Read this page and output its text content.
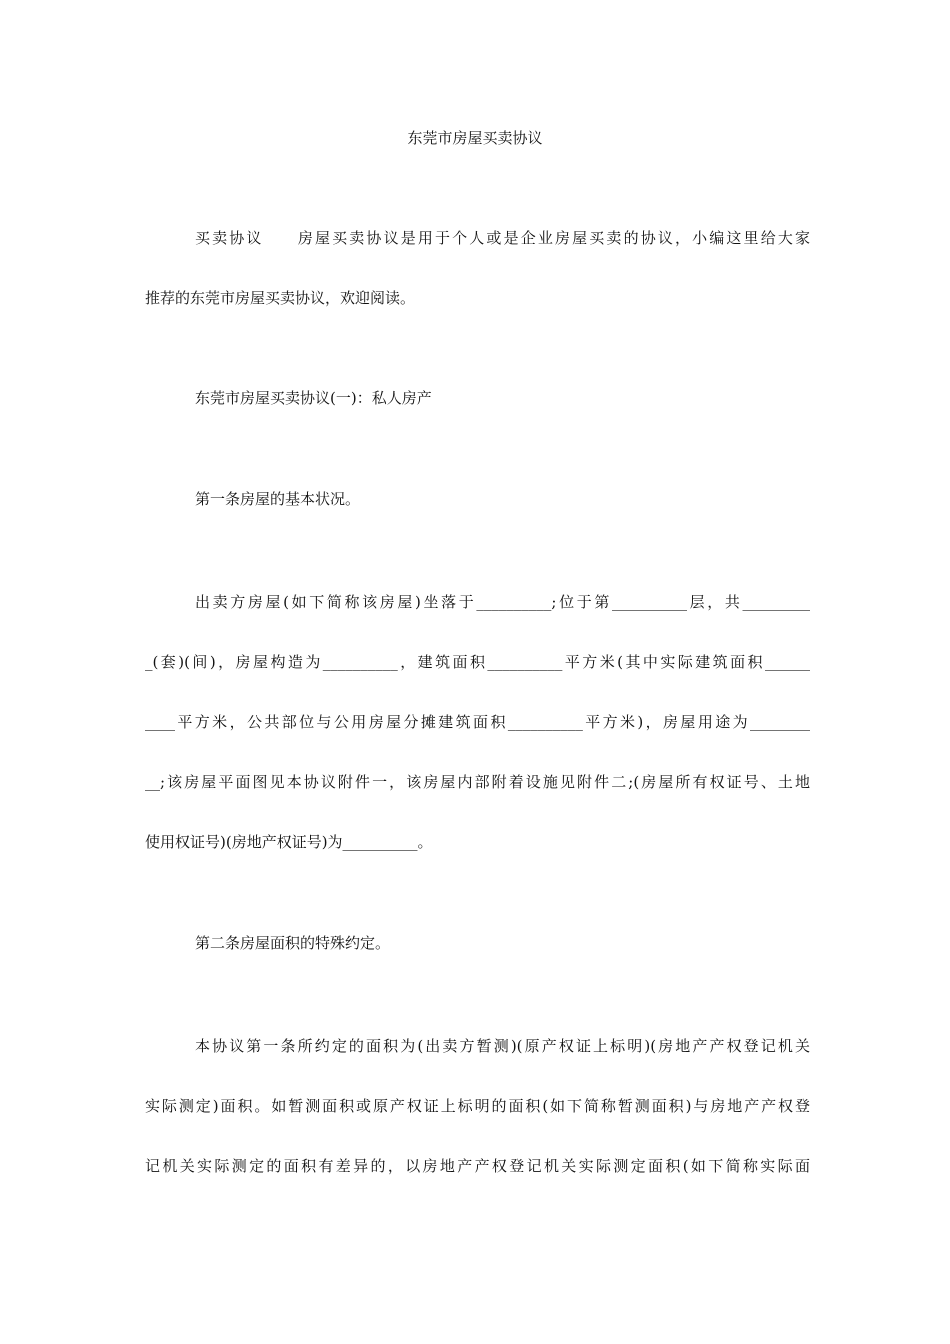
东莞市房屋买卖协议
买卖协议　　房屋买卖协议是用于个人或是企业房屋买卖的协议，小编这里给大家
推荐的东莞市房屋买卖协议，欢迎阅读。
东莞市房屋买卖协议(一)：私人房产
第一条房屋的基本状况。
出卖方房屋(如下简称该房屋)坐落于__________;位于第__________层，共_________
_(套)(间)，房屋构造为__________，建筑面积__________平方米(其中实际建筑面积______
____平方米，公共部位与公用房屋分摊建筑面积__________平方米)，房屋用途为________
__;该房屋平面图见本协议附件一，该房屋内部附着设施见附件二;(房屋所有权证号、土地
使用权证号)(房地产权证号)为__________。
第二条房屋面积的特殊约定。
本协议第一条所约定的面积为(出卖方暂测)(原产权证上标明)(房地产产权登记机关
实际测定)面积。如暂测面积或原产权证上标明的面积(如下简称暂测面积)与房地产产权登
记机关实际测定的面积有差异的，以房地产产权登记机关实际测定面积(如下简称实际面
